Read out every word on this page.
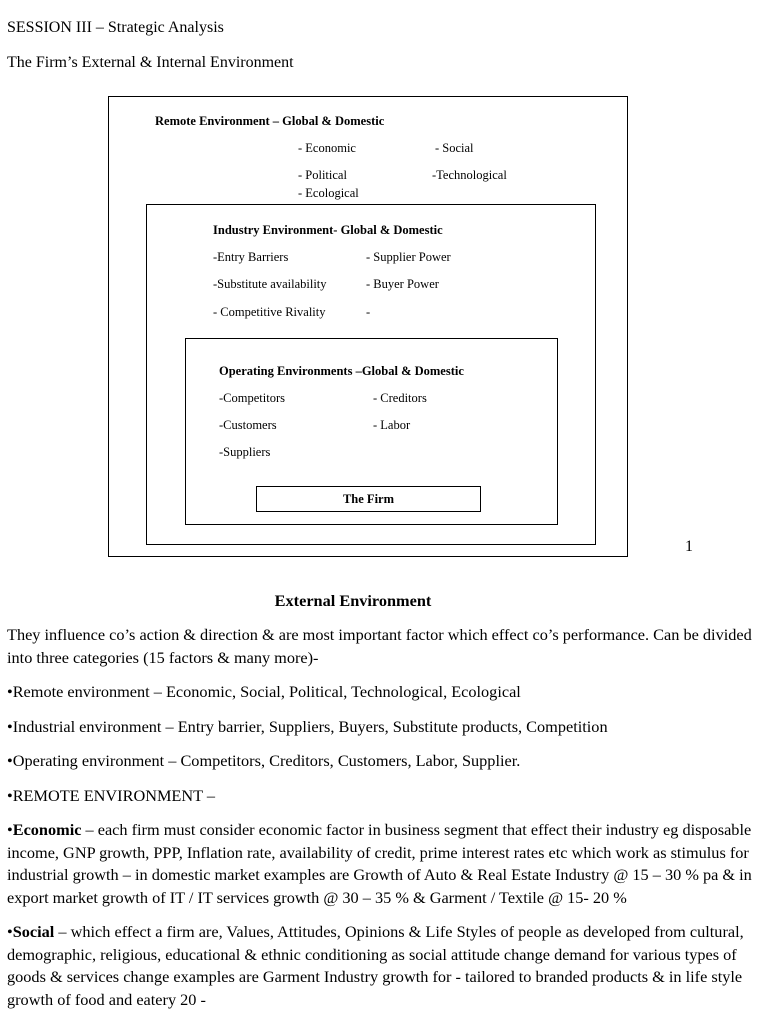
SESSION III – Strategic Analysis
The Firm’s External & Internal Environment
Remote Environment – Global & Domestic
- Economic	- Social
- Political	-Technological
- Ecological
Industry Environment- Global & Domestic
-Entry Barriers	- Supplier Power
-Substitute availability	- Buyer Power
- Competitive Rivality	-
Operating Environments –Global & Domestic
-Competitors	- Creditors
-Customers	- Labor
-Suppliers
The Firm
1
External Environment

They influence co’s action & direction & are most important factor which effect co’s performance. Can be divided into three categories (15 factors & many more)-

•Remote environment – Economic, Social, Political, Technological, Ecological

•Industrial environment – Entry barrier, Suppliers, Buyers, Substitute products, Competition

•Operating environment – Competitors, Creditors, Customers, Labor, Supplier.

•REMOTE ENVIRONMENT –

•Economic – each firm must consider economic factor in business segment that effect their industry eg disposable income, GNP growth, PPP, Inflation rate, availability of credit, prime interest rates etc which work as stimulus for industrial growth – in domestic market examples are Growth of Auto & Real Estate Industry @ 15 – 30 % pa & in export market growth of IT / IT services growth @ 30 – 35 % & Garment / Textile @ 15- 20 %

•Social – which effect a firm are, Values, Attitudes, Opinions & Life Styles of people as developed from cultural, demographic, religious, educational & ethnic conditioning as social attitude change demand for various types of goods & services change examples are Garment Industry growth for - tailored to branded products & in life style growth of food and eatery 20 -
